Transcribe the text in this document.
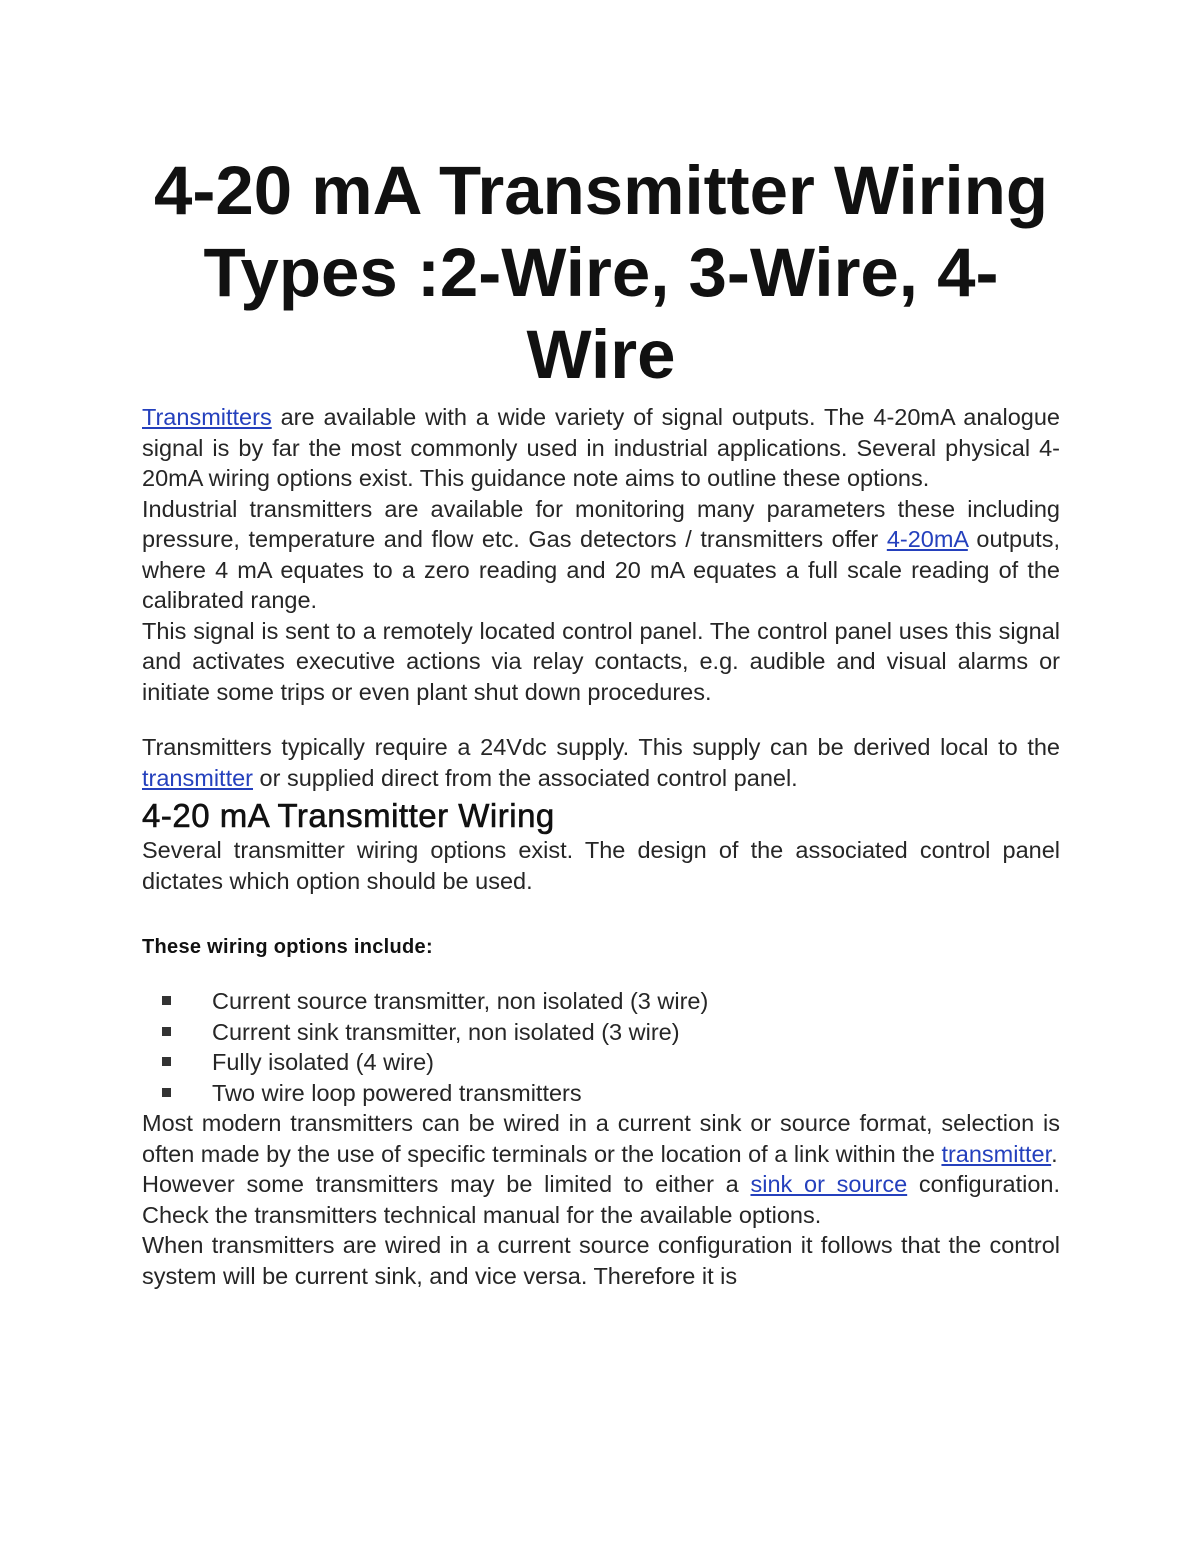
4-20 mA Transmitter Wiring Types :2-Wire, 3-Wire, 4-Wire

Transmitters are available with a wide variety of signal outputs. The 4-20mA analogue signal is by far the most commonly used in industrial applications. Several physical 4-20mA wiring options exist. This guidance note aims to outline these options.

Industrial transmitters are available for monitoring many parameters these including pressure, temperature and flow etc. Gas detectors / transmitters offer 4-20mA outputs, where 4 mA equates to a zero reading and 20 mA equates a full scale reading of the calibrated range.

This signal is sent to a remotely located control panel. The control panel uses this signal and activates executive actions via relay contacts, e.g. audible and visual alarms or initiate some trips or even plant shut down procedures.

Transmitters typically require a 24Vdc supply. This supply can be derived local to the transmitter or supplied direct from the associated control panel.

4-20 mA Transmitter Wiring

Several transmitter wiring options exist. The design of the associated control panel dictates which option should be used.

These wiring options include:
Current source transmitter, non isolated (3 wire)
Current sink transmitter, non isolated (3 wire)
Fully isolated (4 wire)
Two wire loop powered transmitters

Most modern transmitters can be wired in a current sink or source format, selection is often made by the use of specific terminals or the location of a link within the transmitter.

However some transmitters may be limited to either a sink or source configuration. Check the transmitters technical manual for the available options.

When transmitters are wired in a current source configuration it follows that the control system will be current sink, and vice versa. Therefore it is
